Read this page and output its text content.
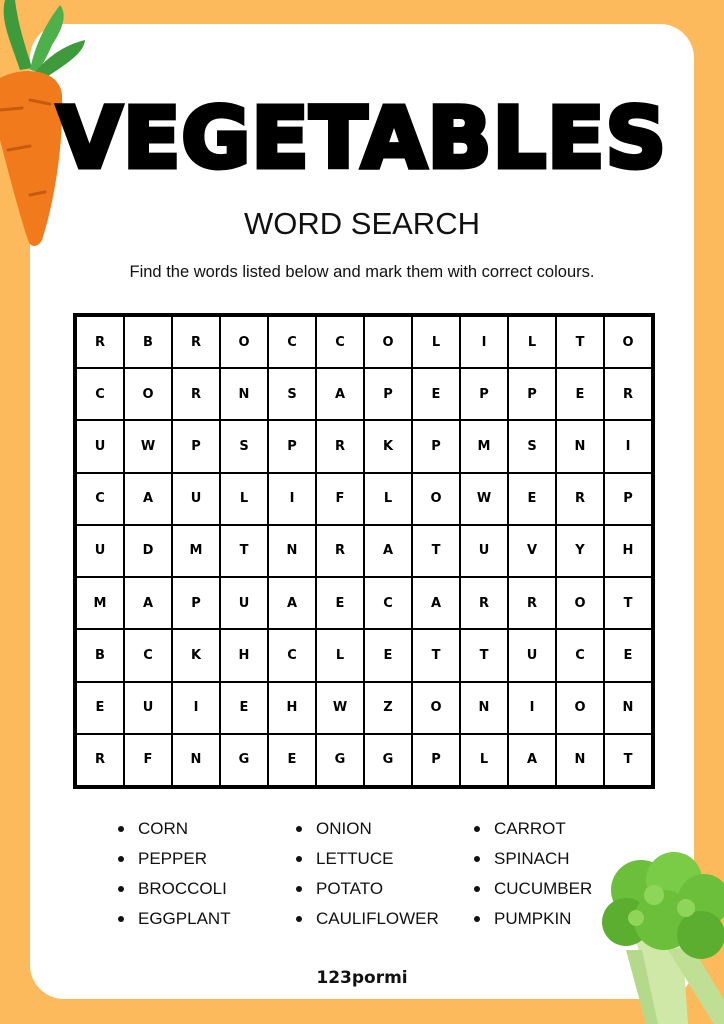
VEGETABLES
WORD SEARCH
Find the words listed below and mark them with correct colours.
R	B	R	O	C	C	O	L	I	L	T	O
C	O	R	N	S	A	P	E	P	P	E	R
U	W	P	S	P	R	K	P	M	S	N	I
C	A	U	L	I	F	L	O	W	E	R	P
U	D	M	T	N	R	A	T	U	V	Y	H
M	A	P	U	A	E	C	A	R	R	O	T
B	C	K	H	C	L	E	T	T	U	C	E
E	U	I	E	H	W	Z	O	N	I	O	N
R	F	N	G	E	G	G	P	L	A	N	T
CORN	ONION	CARROT
PEPPER	LETTUCE	SPINACH
BROCCOLI	POTATO	CUCUMBER
EGGPLANT	CAULIFLOWER	PUMPKIN
123pormi
